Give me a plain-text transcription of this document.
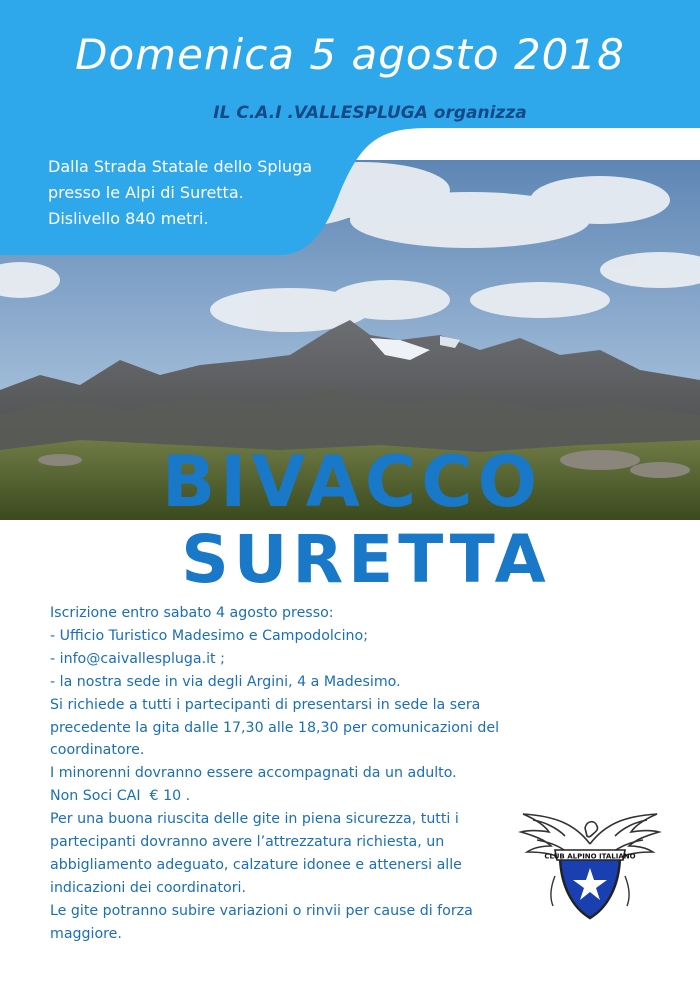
Domenica 5 agosto 2018
IL C.A.I .VALLESPLUGA organizza
Dalla Strada Statale dello Spluga
presso le Alpi di Suretta.
Dislivello 840 metri.
BIVACCO
SURETTA
Iscrizione entro sabato 4 agosto presso:
- Ufficio Turistico Madesimo e Campodolcino;
- info@caivallespluga.it ;
- la nostra sede in via degli Argini, 4 a Madesimo.
Si richiede a tutti i partecipanti di presentarsi in sede la sera
precedente la gita dalle 17,30 alle 18,30 per comunicazioni del
coordinatore.
I minorenni dovranno essere accompagnati da un adulto.
Non Soci CAI  € 10 .
Per una buona riuscita delle gite in piena sicurezza, tutti i
partecipanti dovranno avere l’attrezzatura richiesta, un
abbigliamento adeguato, calzature idonee e attenersi alle
indicazioni dei coordinatori.
Le gite potranno subire variazioni o rinvii per cause di forza
maggiore.
CLUB ALPINO ITALIANO
